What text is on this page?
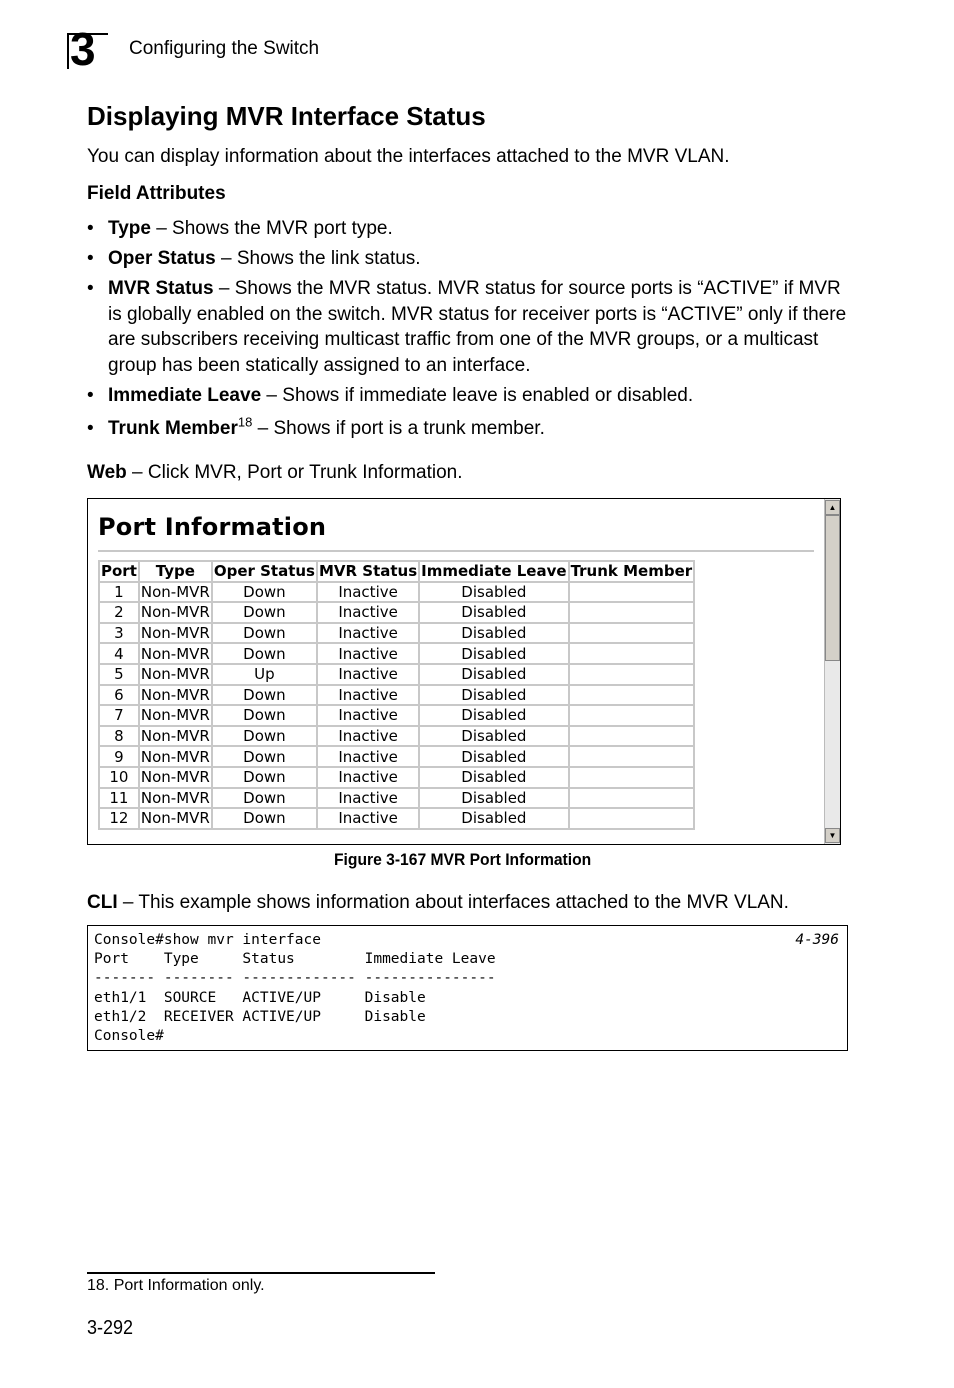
3 Configuring the Switch
Displaying MVR Interface Status
You can display information about the interfaces attached to the MVR VLAN.
Field Attributes
• Type – Shows the MVR port type.
• Oper Status – Shows the link status.
• MVR Status – Shows the MVR status. MVR status for source ports is “ACTIVE” if MVR is globally enabled on the switch. MVR status for receiver ports is “ACTIVE” only if there are subscribers receiving multicast traffic from one of the MVR groups, or a multicast group has been statically assigned to an interface.
• Immediate Leave – Shows if immediate leave is enabled or disabled.
• Trunk Member$^{18}$ – Shows if port is a trunk member.
Web – Click MVR, Port or Trunk Information.
Port Information
Port	Type	Oper Status	MVR Status	Immediate Leave	Trunk Member
1	Non-MVR	Down	Inactive	Disabled	
2	Non-MVR	Down	Inactive	Disabled	
3	Non-MVR	Down	Inactive	Disabled	
4	Non-MVR	Down	Inactive	Disabled	
5	Non-MVR	Up	Inactive	Disabled	
6	Non-MVR	Down	Inactive	Disabled	
7	Non-MVR	Down	Inactive	Disabled	
8	Non-MVR	Down	Inactive	Disabled	
9	Non-MVR	Down	Inactive	Disabled	
10	Non-MVR	Down	Inactive	Disabled	
11	Non-MVR	Down	Inactive	Disabled	
12	Non-MVR	Down	Inactive	Disabled	
▲
▼
Figure 3-167 MVR Port Information
CLI – This example shows information about interfaces attached to the MVR VLAN.
Console#show mvr interface
Port    Type     Status        Immediate Leave
------- -------- ------------- ---------------
eth1/1  SOURCE   ACTIVE/UP     Disable
eth1/2  RECEIVER ACTIVE/UP     Disable
Console#
4-396
18. Port Information only.
3-292
